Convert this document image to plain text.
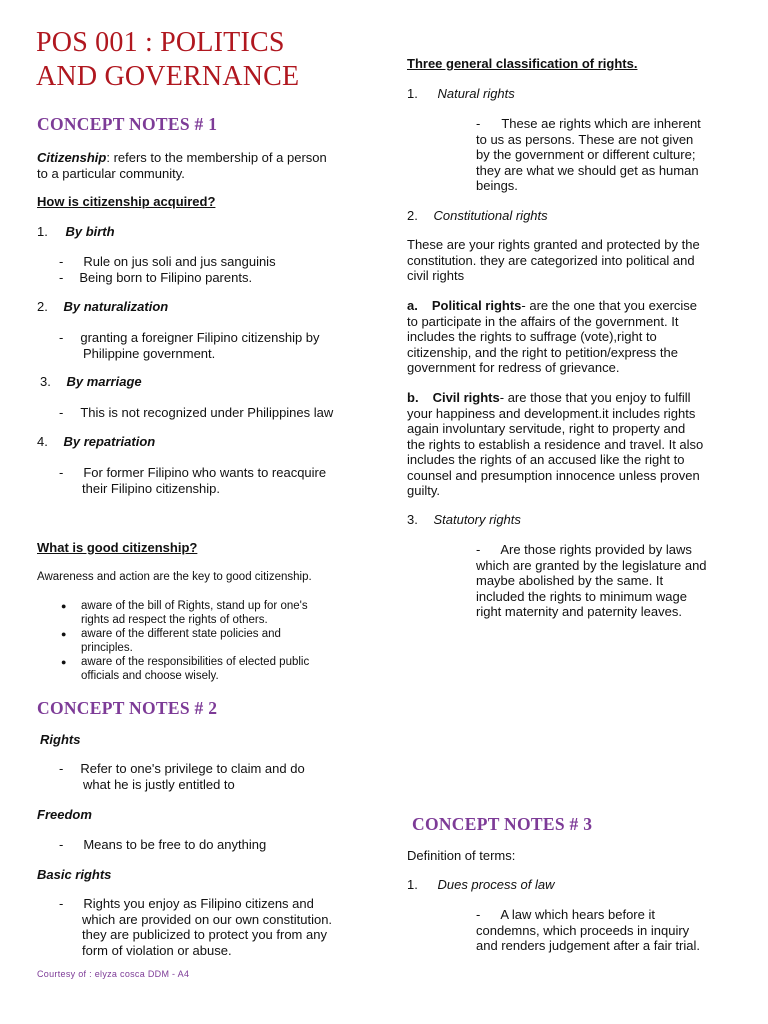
POS 001 : POLITICS
AND GOVERNANCE
CONCEPT NOTES # 1
Citizenship: refers to the membership of a person
to a particular community.
How is citizenship acquired?
1. By birth
- Rule on jus soli and jus sanguinis
- Being born to Filipino parents.
2. By naturalization
- granting a foreigner Filipino citizenship by
Philippine government.
3. By marriage
- This is not recognized under Philippines law
4. By repatriation
- For former Filipino who wants to reacquire
their Filipino citizenship.
What is good citizenship?
Awareness and action are the key to good citizenship.
● aware of the bill of Rights, stand up for one's
rights ad respect the rights of others.
● aware of the different state policies and
principles.
● aware of the responsibilities of elected public
officials and choose wisely.
CONCEPT NOTES # 2
Rights
- Refer to one's privilege to claim and do
what he is justly entitled to
Freedom
- Means to be free to do anything
Basic rights
- Rights you enjoy as Filipino citizens and
which are provided on our own constitution.
they are publicized to protect you from any
form of violation or abuse.
Courtesy of : elyza cosca DDM - A4
Three general classification of rights.
1. Natural rights
- These ae rights which are inherent
to us as persons. These are not given
by the government or different culture;
they are what we should get as human
beings.
2. Constitutional rights
These are your rights granted and protected by the
constitution. they are categorized into political and
civil rights
a. Political rights- are the one that you exercise
to participate in the affairs of the government. It
includes the rights to suffrage (vote),right to
citizenship, and the right to petition/express the
government for redress of grievance.
b. Civil rights- are those that you enjoy to fulfill
your happiness and development.it includes rights
again involuntary servitude, right to property and
the rights to establish a residence and travel. It also
includes the rights of an accused like the right to
counsel and presumption innocence unless proven
guilty.
3. Statutory rights
- Are those rights provided by laws
which are granted by the legislature and
maybe abolished by the same. It
included the rights to minimum wage
right maternity and paternity leaves.
CONCEPT NOTES # 3
Definition of terms:
1. Dues process of law
- A law which hears before it
condemns, which proceeds in inquiry
and renders judgement after a fair trial.
